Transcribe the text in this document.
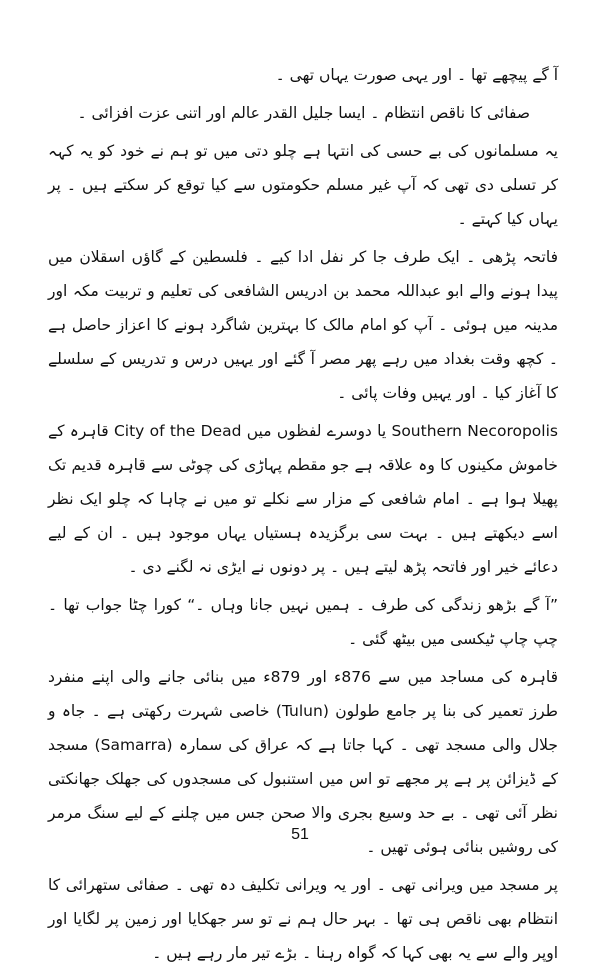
آ گے پیچھے تھا ۔ اور یہی صورت یہاں تھی ۔

صفائی کا ناقص انتظام ۔ ایسا جلیل القدر عالم اور اتنی عزت افزائی ۔

یہ مسلمانوں کی بے حسی کی انتہا ہے چلو دتی میں تو ہم نے خود کو یہ کہہ کر تسلی دی تھی کہ آپ غیر مسلم حکومتوں سے کیا توقع کر سکتے ہیں ۔ پر یہاں کیا کہتے ۔

فاتحہ پڑھی ۔ ایک طرف جا کر نفل ادا کیے ۔ فلسطین کے گاؤں اسقلان میں پیدا ہونے والے ابو عبداللہ محمد بن ادریس الشافعی کی تعلیم و تربیت مکہ اور مدینہ میں ہوئی ۔ آپ کو امام مالک کا بہترین شاگرد ہونے کا اعزاز حاصل ہے ۔ کچھ وقت بغداد میں رہے پھر مصر آ گئے اور یہیں درس و تدریس کے سلسلے کا آغاز کیا ۔ اور یہیں وفات پائی ۔

Southern Necoropolis یا دوسرے لفظوں میں City of the Dead قاہرہ کے خاموش مکینوں کا وہ علاقہ ہے جو مقطم پہاڑی کی چوٹی سے قاہرہ قدیم تک پھیلا ہوا ہے ۔ امام شافعی کے مزار سے نکلے تو میں نے چاہا کہ چلو ایک نظر اسے دیکھتے ہیں ۔ بہت سی برگزیدہ ہستیاں یہاں موجود ہیں ۔ ان کے لیے دعائے خیر اور فاتحہ پڑھ لیتے ہیں ۔ پر دونوں نے ایڑی نہ لگنے دی ۔

”آ گے بڑھو زندگی کی طرف ۔ ہمیں نہیں جانا وہاں ۔“ کورا چٹا جواب تھا ۔ چپ چاپ ٹیکسی میں بیٹھ گئی ۔

قاہرہ کی مساجد میں سے 876ء اور 879ء میں بنائی جانے والی اپنے منفرد طرز تعمیر کی بنا پر جامع طولون (Tulun) خاصی شہرت رکھتی ہے ۔ جاہ و جلال والی مسجد تھی ۔ کہا جاتا ہے کہ عراق کی سمارہ (Samarra) مسجد کے ڈیزائن پر ہے پر مجھے تو اس میں استنبول کی مسجدوں کی جھلک جھانکتی نظر آئی تھی ۔ بے حد وسیع بجری والا صحن جس میں چلنے کے لیے سنگ مرمر کی روشیں بنائی ہوئی تھیں ۔

پر مسجد میں ویرانی تھی ۔ اور یہ ویرانی تکلیف دہ تھی ۔ صفائی ستھرائی کا انتظام بھی ناقص ہی تھا ۔ بہر حال ہم نے تو سر جھکایا اور زمین پر لگایا اور اوپر والے سے یہ بھی کہا کہ گواہ رہنا ۔ بڑے تیر مار رہے ہیں ۔

51
